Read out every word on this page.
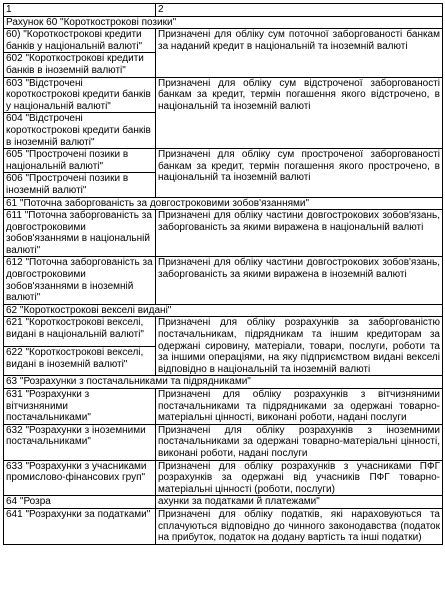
1	2
Рахунок 60 "Короткострокові позики"	
60) "Короткострокові кредити банків у національній валюті"	Призначені для обліку сум поточної заборгованості банкам за наданий кредит в національній та іноземній валюті
602 "Короткострокові кредити банків в іноземній валюті"	
603 "Відстрочені короткострокові кредити банків у національній валюті"	Призначені для обліку сум відстроченої заборгованості банкам за кредит, термін погашення якого відстрочено, в національній та іноземній валюті
604 "Відстрочені короткострокові кредити банків в іноземній валюті"	
605 "Прострочені позики в національній валюті"	Призначені для обліку сум простроченої заборгованості банкам за кредит, термін погашення якого прострочено, в національній та іноземній валюті
606 "Прострочені позики в іноземній валюті"	
61 "Поточна заборгованість за довгостроковими зобов'язаннями"	
611 "Поточна заборгованість за довгостроковими зобов'язаннями в національній валюті"	Призначені для обліку частини довгострокових зобов'язань, заборгованість за якими виражена в національній валюті
612 "Поточна заборгованість за довгостроковими зобов'язаннями в іноземній валюті"	Призначені для обліку частини довгострокових зобов'язань, заборгованість за якими виражена в іноземній валюті
62 "Короткострокові векселі видані"	
621 "Короткострокові векселі, видані в національній валюті"	Призначені для обліку розрахунків за заборгованістю постачальникам, підрядникам та іншим кредиторам за одержані сировину, матеріали, товари, послуги, роботи та за іншими операціями, на яку підприємством видані векселі відповідно в національній та іноземній валюті
622 "Короткострокові векселі, видані в іноземній валюті"	
63 "Розрахунки з постачальниками та підрядниками"	
631 "Розрахунки з вітчизняними постачальниками"	Призначені для обліку розрахунків з вітчизняними постачальниками та підрядниками за одержані товарно-матеріальні цінності, виконані роботи, надані послуги
632 "Розрахунки з іноземними постачальниками"	Призначені для обліку розрахунків з іноземними постачальниками за одержані товарно-матеріальні цінності, виконані роботи, надані послуги
633 "Розрахунки з учасниками промислово-фінансових груп"	Призначені для обліку розрахунків з учасниками ПФГ розрахунків за одержані від учасників ПФГ товарно-матеріальні цінності (роботи, послуги)
64 "Розра	ахунки за податками й платежами"
641 "Розрахунки за податками"	Призначені для обліку податків, які нараховуються та сплачуються відповідно до чинного законодавства (податок на прибуток, податок на додану вартість та інші податки)
